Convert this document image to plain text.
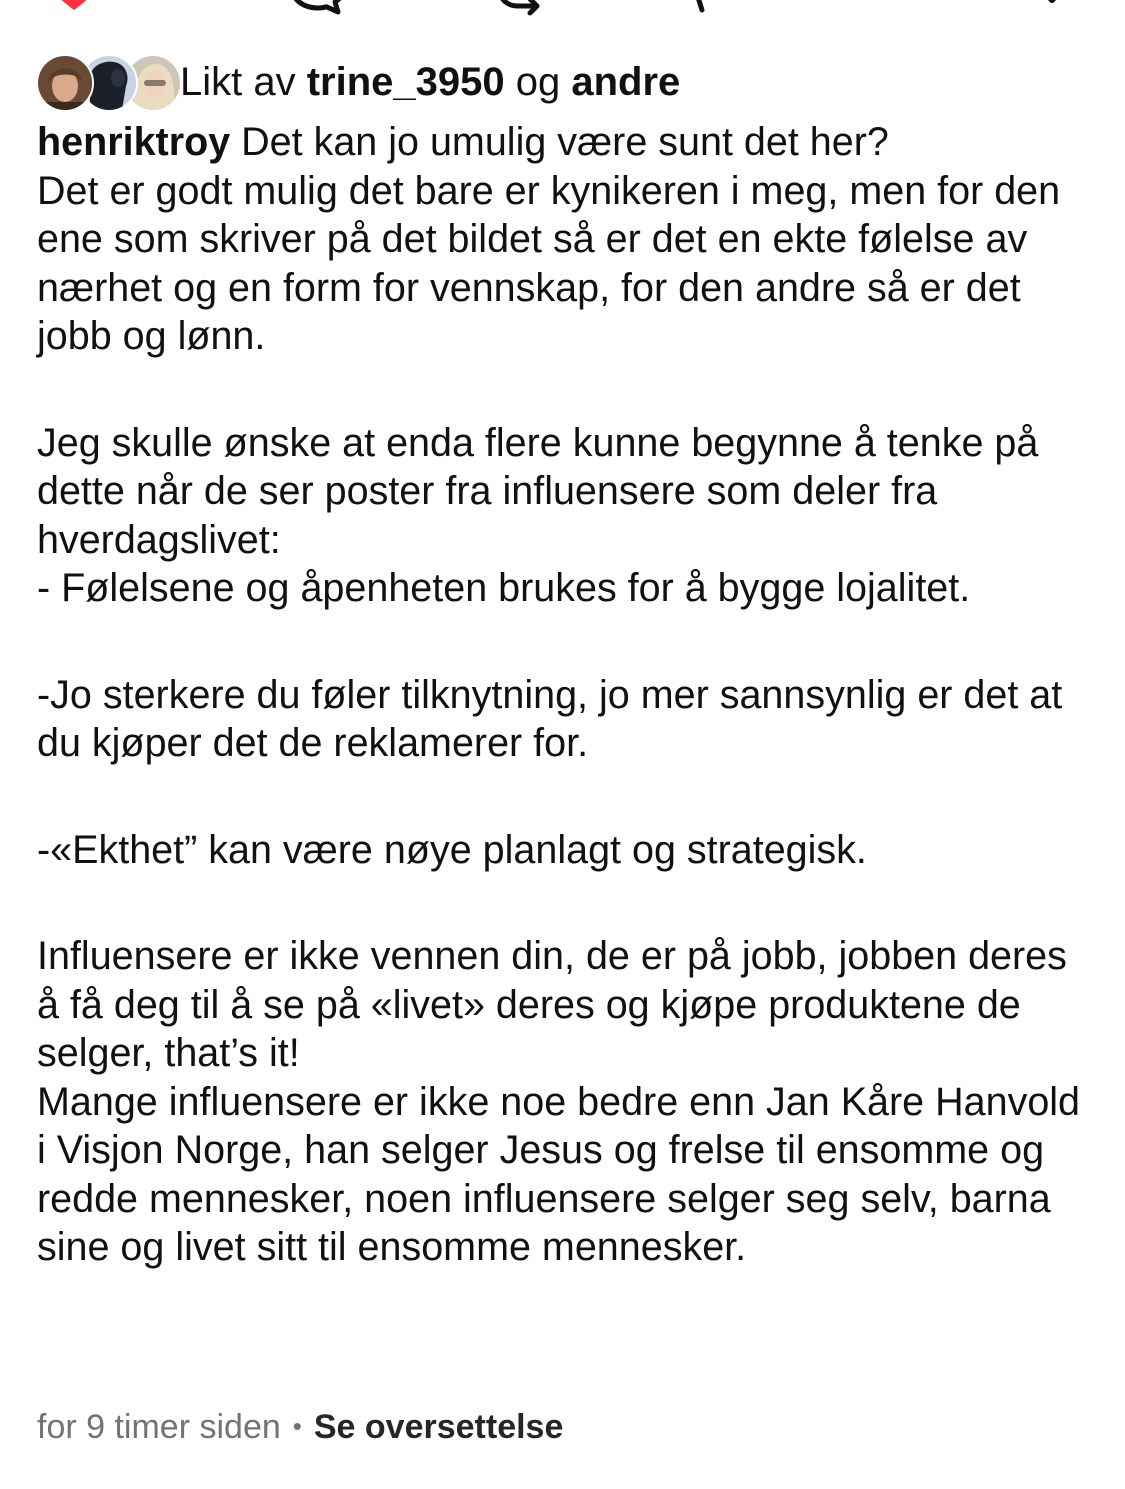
Likt av trine_3950 og andre

henriktroy Det kan jo umulig være sunt det her?
Det er godt mulig det bare er kynikeren i meg, men for den ene som skriver på det bildet så er det en ekte følelse av nærhet og en form for vennskap, for den andre så er det jobb og lønn.

Jeg skulle ønske at enda flere kunne begynne å tenke på dette når de ser poster fra influensere som deler fra hverdagslivet:
- Følelsene og åpenheten brukes for å bygge lojalitet.

-Jo sterkere du føler tilknytning, jo mer sannsynlig er det at du kjøper det de reklamerer for.

-«Ekthet” kan være nøye planlagt og strategisk.

Influensere er ikke vennen din, de er på jobb, jobben deres å få deg til å se på «livet» deres og kjøpe produktene de selger, that’s it!
Mange influensere er ikke noe bedre enn Jan Kåre Hanvold i Visjon Norge, han selger Jesus og frelse til ensomme og redde mennesker, noen influensere selger seg selv, barna sine og livet sitt til ensomme mennesker.

for 9 timer siden • Se oversettelse
